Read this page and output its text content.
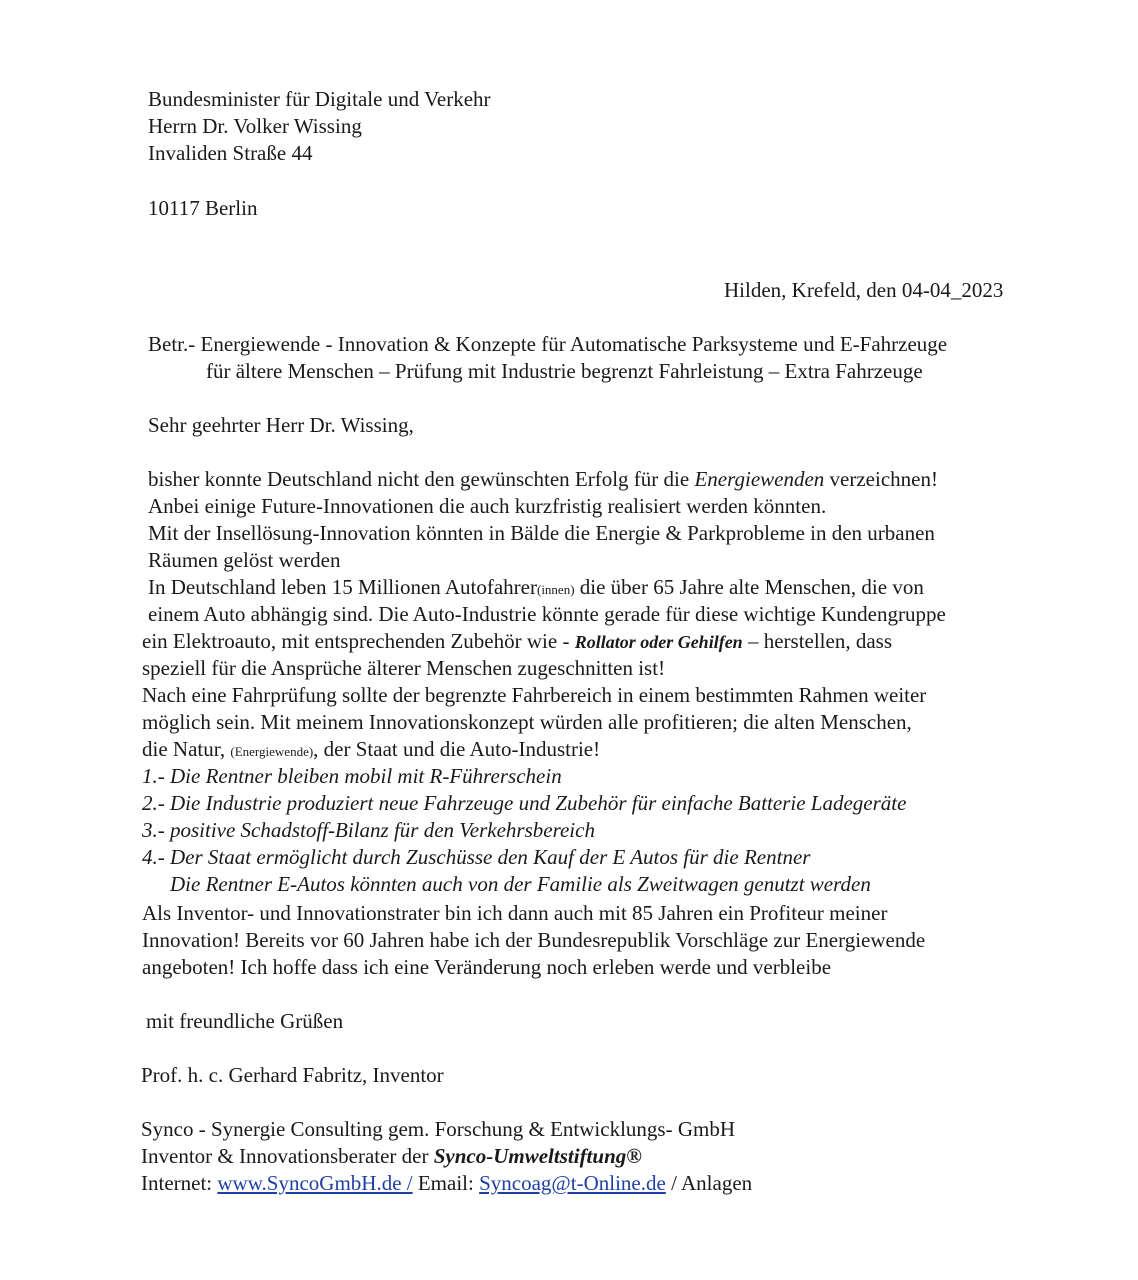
Bundesminister für Digitale und Verkehr
Herrn Dr. Volker Wissing
Invaliden Straße 44
10117 Berlin
Hilden, Krefeld, den 04-04_2023
Betr.- Energiewende - Innovation & Konzepte für Automatische Parksysteme und E-Fahrzeuge
für ältere Menschen – Prüfung mit Industrie begrenzt Fahrleistung – Extra Fahrzeuge
Sehr geehrter Herr Dr. Wissing,
bisher konnte Deutschland nicht den gewünschten Erfolg für die Energiewenden verzeichnen!
Anbei einige Future-Innovationen die auch kurzfristig realisiert werden könnten.
Mit der Insellösung-Innovation könnten in Bälde die Energie & Parkprobleme in den urbanen
Räumen gelöst werden
In Deutschland leben 15 Millionen Autofahrer(innen) die über 65 Jahre alte Menschen, die von
einem Auto abhängig sind. Die Auto-Industrie könnte gerade für diese wichtige Kundengruppe
ein Elektroauto, mit entsprechenden Zubehör wie - Rollator oder Gehilfen – herstellen, dass
speziell für die Ansprüche älterer Menschen zugeschnitten ist!
Nach eine Fahrprüfung sollte der begrenzte Fahrbereich in einem bestimmten Rahmen weiter
möglich sein. Mit meinem Innovationskonzept würden alle profitieren; die alten Menschen,
die Natur, (Energiewende), der Staat und die Auto-Industrie!
1.- Die Rentner bleiben mobil mit R-Führerschein
2.- Die Industrie produziert neue Fahrzeuge und Zubehör für einfache Batterie Ladegeräte
3.- positive Schadstoff-Bilanz für den Verkehrsbereich
4.- Der Staat ermöglicht durch Zuschüsse den Kauf der E Autos für die Rentner
Die Rentner E-Autos könnten auch von der Familie als Zweitwagen genutzt werden
Als Inventor- und Innovationstrater bin ich dann auch mit 85 Jahren ein Profiteur meiner
Innovation! Bereits vor 60 Jahren habe ich der Bundesrepublik Vorschläge zur Energiewende
angeboten! Ich hoffe dass ich eine Veränderung noch erleben werde und verbleibe
mit freundliche Grüßen
Prof. h. c. Gerhard Fabritz, Inventor
Synco - Synergie Consulting gem. Forschung & Entwicklungs- GmbH
Inventor & Innovationsberater der Synco-Umweltstiftung®
Internet: www.SyncoGmbH.de / Email: Syncoag@t-Online.de / Anlagen
